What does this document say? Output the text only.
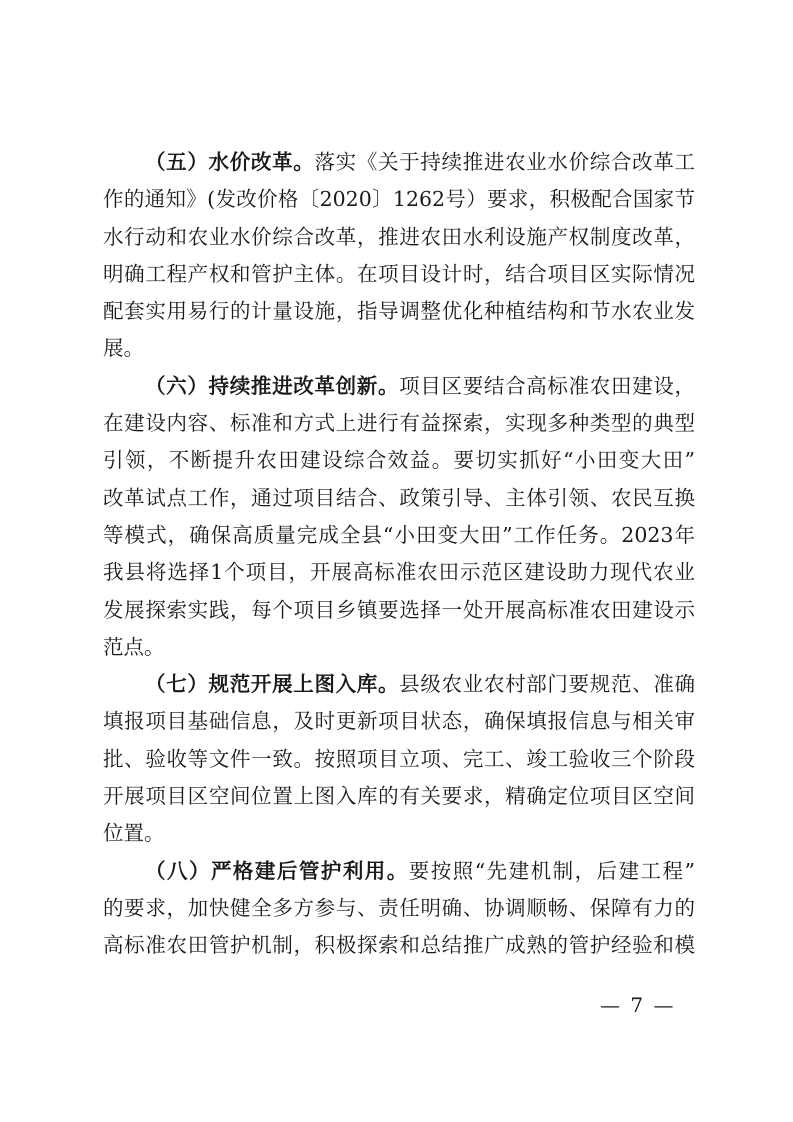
（五）水价改革。落实《关于持续推进农业水价综合改革工
作的通知》(发改价格〔2020〕1262号）要求，积极配合国家节
水行动和农业水价综合改革，推进农田水利设施产权制度改革，
明确工程产权和管护主体。在项目设计时，结合项目区实际情况
配套实用易行的计量设施，指导调整优化种植结构和节水农业发
展。
（六）持续推进改革创新。项目区要结合高标准农田建设，
在建设内容、标准和方式上进行有益探索，实现多种类型的典型
引领，不断提升农田建设综合效益。要切实抓好“小田变大田”
改革试点工作，通过项目结合、政策引导、主体引领、农民互换
等模式，确保高质量完成全县“小田变大田”工作任务。2023年
我县将选择1个项目，开展高标准农田示范区建设助力现代农业
发展探索实践，每个项目乡镇要选择一处开展高标准农田建设示
范点。
（七）规范开展上图入库。县级农业农村部门要规范、准确
填报项目基础信息，及时更新项目状态，确保填报信息与相关审
批、验收等文件一致。按照项目立项、完工、竣工验收三个阶段
开展项目区空间位置上图入库的有关要求，精确定位项目区空间
位置。
（八）严格建后管护利用。要按照“先建机制，后建工程”
的要求，加快健全多方参与、责任明确、协调顺畅、保障有力的
高标准农田管护机制，积极探索和总结推广成熟的管护经验和模
— 7 —
